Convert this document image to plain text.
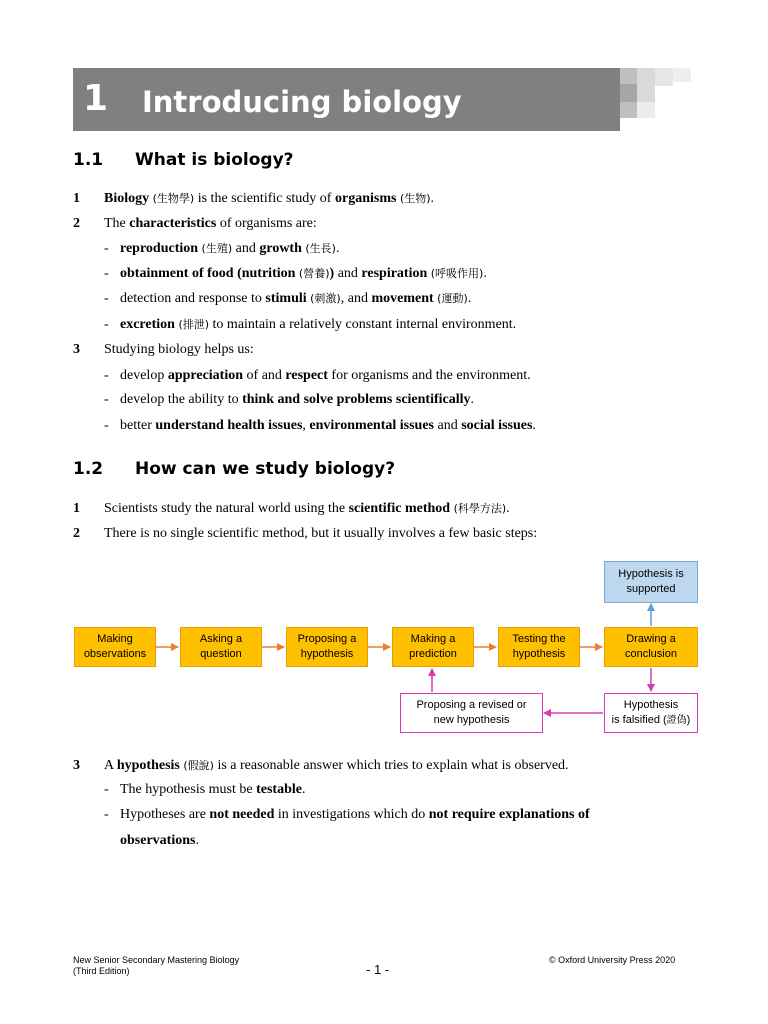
1 Introducing biology
1.1 What is biology?
1 Biology (生物學) is the scientific study of organisms (生物).
2 The characteristics of organisms are:
- reproduction (生殖) and growth (生長).
- obtainment of food (nutrition (營養)) and respiration (呼吸作用).
- detection and response to stimuli (刺激), and movement (運動).
- excretion (排泄) to maintain a relatively constant internal environment.
3 Studying biology helps us:
- develop appreciation of and respect for organisms and the environment.
- develop the ability to think and solve problems scientifically.
- better understand health issues, environmental issues and social issues.
1.2 How can we study biology?
1 Scientists study the natural world using the scientific method (科學方法).
2 There is no single scientific method, but it usually involves a few basic steps:
Making
observations
Asking a
question
Proposing a
hypothesis
Making a
prediction
Testing the
hypothesis
Drawing a
conclusion
Hypothesis is
supported
Hypothesis
is falsified (證偽)
Proposing a revised or
new hypothesis
3 A hypothesis (假說) is a reasonable answer which tries to explain what is observed.
- The hypothesis must be testable.
- Hypotheses are not needed in investigations which do not require explanations of
observations.
New Senior Secondary Mastering Biology
(Third Edition)	- 1 -
© Oxford University Press 2020
